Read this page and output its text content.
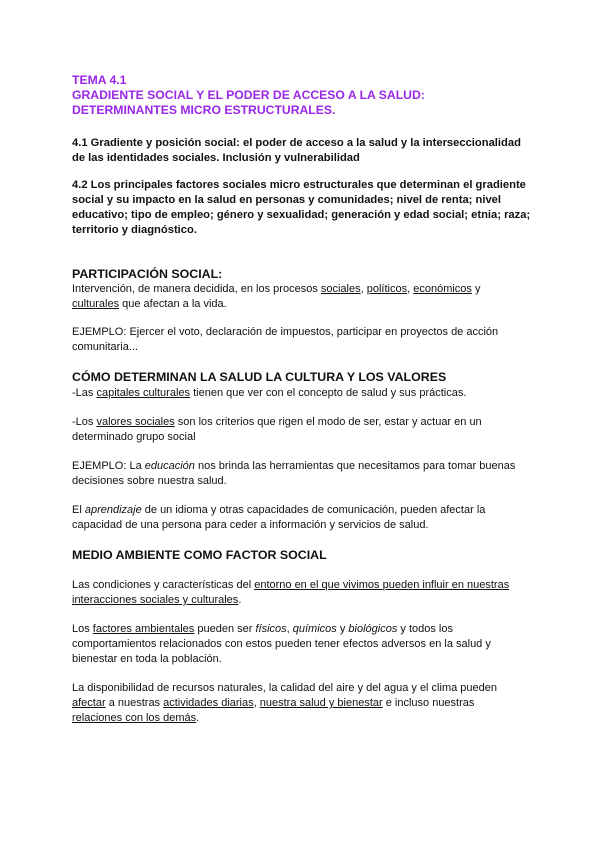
TEMA 4.1

GRADIENTE SOCIAL Y EL PODER DE ACCESO A LA SALUD:

DETERMINANTES MICRO ESTRUCTURALES.

4.1 Gradiente y posición social: el poder de acceso a la salud y la interseccionalidad de las identidades sociales. Inclusión y vulnerabilidad

4.2 Los principales factores sociales micro estructurales que determinan el gradiente social y su impacto en la salud en personas y comunidades; nivel de renta; nivel educativo; tipo de empleo; género y sexualidad; generación y edad social; etnia; raza; territorio y diagnóstico.

PARTICIPACIÓN SOCIAL:

Intervención, de manera decidida, en los procesos sociales, políticos, económicos y culturales que afectan a la vida.

EJEMPLO: Ejercer el voto, declaración de impuestos, participar en proyectos de acción comunitaria...

CÓMO DETERMINAN LA SALUD LA CULTURA Y LOS VALORES

-Las capitales culturales tienen que ver con el concepto de salud y sus prácticas.

-Los valores sociales son los criterios que rigen el modo de ser, estar y actuar en un determinado grupo social

EJEMPLO: La educación nos brinda las herramientas que necesitamos para tomar buenas decisiones sobre nuestra salud.

El aprendizaje de un idioma y otras capacidades de comunicación, pueden afectar la capacidad de una persona para ceder a información y servicios de salud.

MEDIO AMBIENTE COMO FACTOR SOCIAL

Las condiciones y características del entorno en el que vivimos pueden influir en nuestras interacciones sociales y culturales.

Los factores ambientales pueden ser físicos, químicos y biológicos y todos los comportamientos relacionados con estos pueden tener efectos adversos en la salud y bienestar en toda la población.

La disponibilidad de recursos naturales, la calidad del aire y del agua y el clima pueden afectar a nuestras actividades diarias, nuestra salud y bienestar e incluso nuestras relaciones con los demás.
